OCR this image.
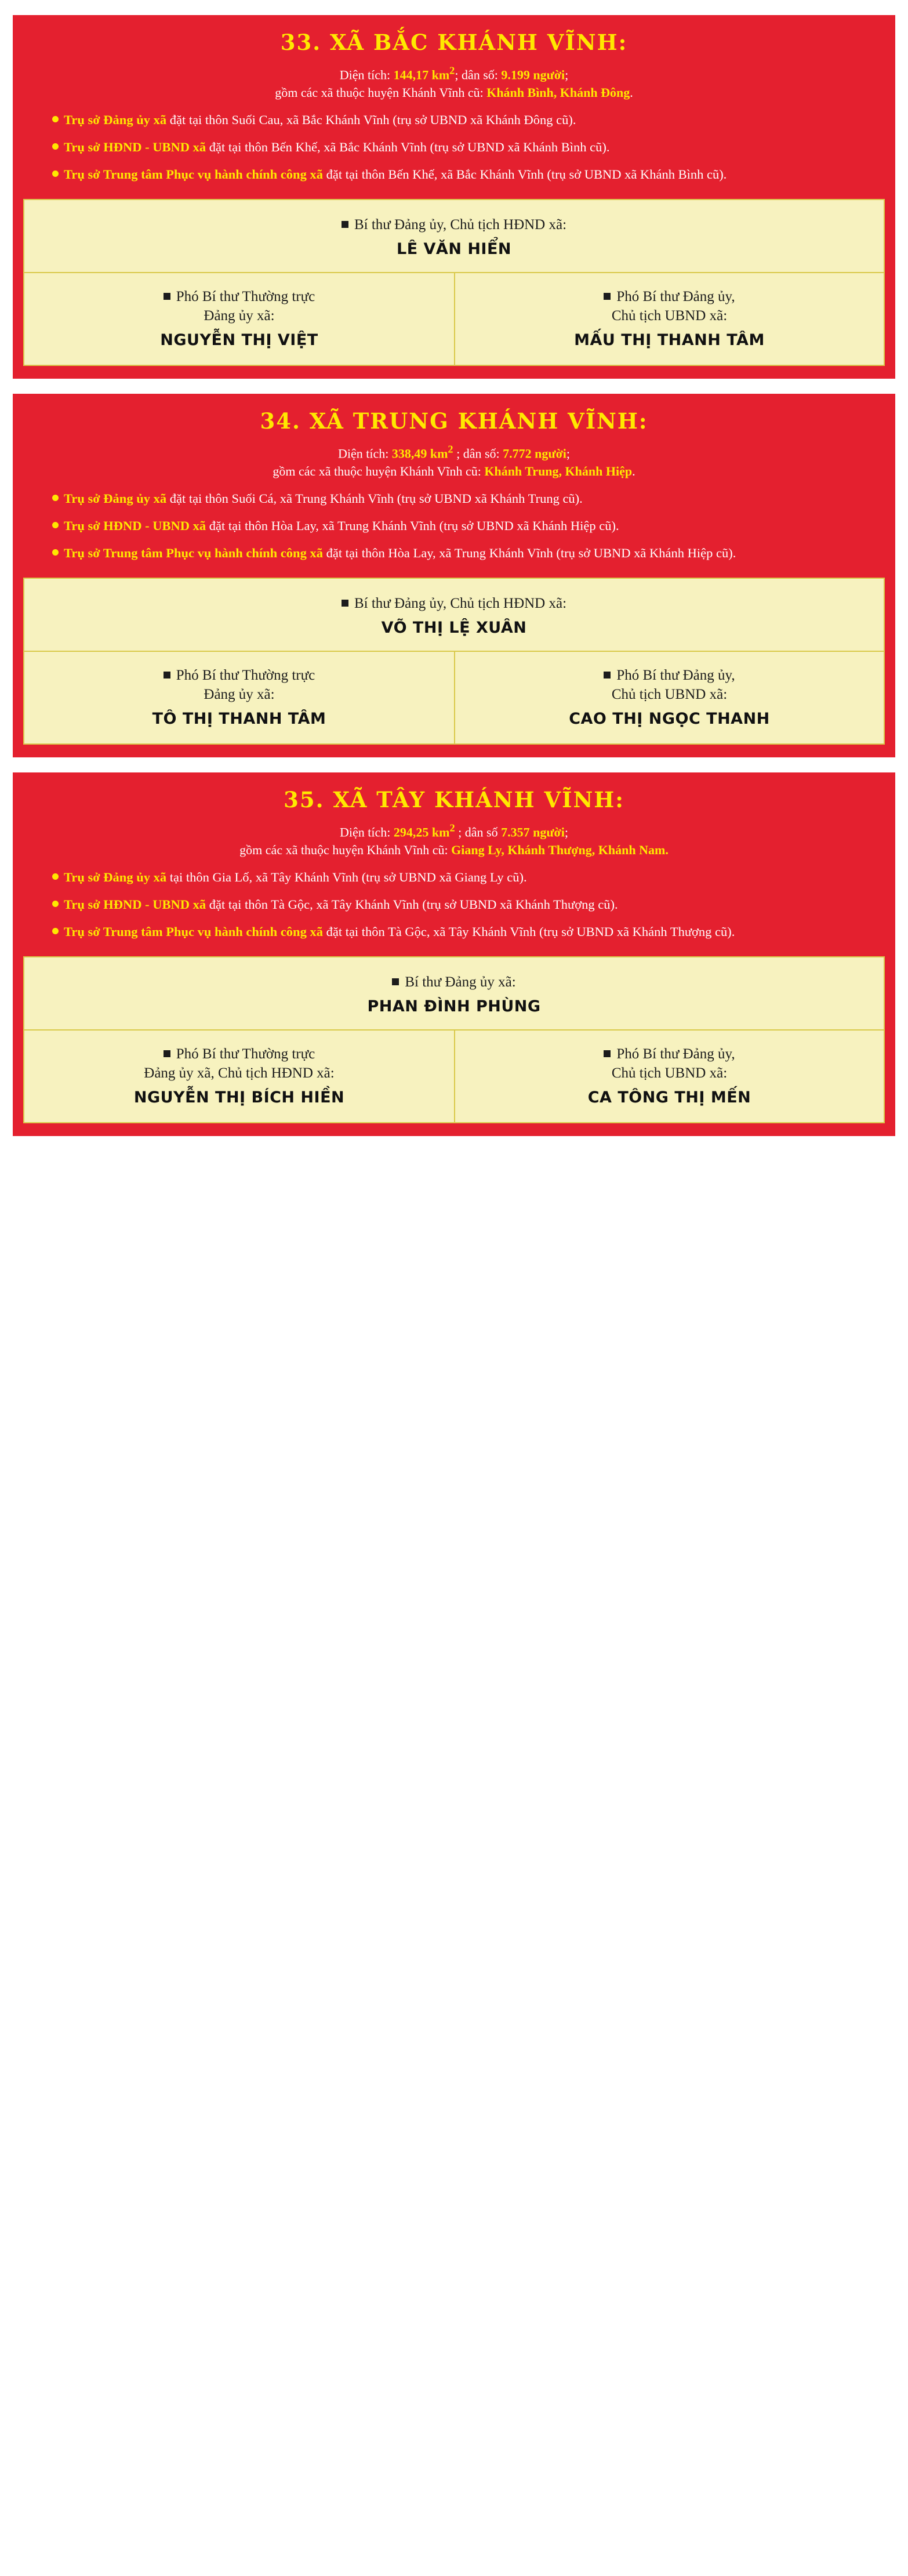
33. XÃ BẮC KHÁNH VĨNH:

Diện tích: 144,17 $km^2$; dân số: 9.199 người;
gồm các xã thuộc huyện Khánh Vĩnh cũ: Khánh Bình, Khánh Đông.

Trụ sở Đảng ủy xã đặt tại thôn Suối Cau, xã Bắc Khánh Vĩnh (trụ sở UBND xã Khánh Đông cũ).

Trụ sở HĐND - UBND xã đặt tại thôn Bến Khế, xã Bắc Khánh Vĩnh (trụ sở UBND xã Khánh Bình cũ).

Trụ sở Trung tâm Phục vụ hành chính công xã đặt tại thôn Bến Khế, xã Bắc Khánh Vĩnh (trụ sở UBND xã Khánh Bình cũ).

Bí thư Đảng ủy, Chủ tịch HĐND xã:

LÊ VĂN HIỂN

Phó Bí thư Thường trực
Đảng ủy xã:

NGUYỄN THỊ VIỆT

Phó Bí thư Đảng ủy,
Chủ tịch UBND xã:

MẤU THỊ THANH TÂM

34. XÃ TRUNG KHÁNH VĨNH:

Diện tích: 338,49 $km^2$ ; dân số: 7.772 người;
gồm các xã thuộc huyện Khánh Vĩnh cũ: Khánh Trung, Khánh Hiệp.

Trụ sở Đảng ủy xã đặt tại thôn Suối Cá, xã Trung Khánh Vĩnh (trụ sở UBND xã Khánh Trung cũ).

Trụ sở HĐND - UBND xã đặt tại thôn Hòa Lay, xã Trung Khánh Vĩnh (trụ sở UBND xã Khánh Hiệp cũ).

Trụ sở Trung tâm Phục vụ hành chính công xã đặt tại thôn Hòa Lay, xã Trung Khánh Vĩnh (trụ sở UBND xã Khánh Hiệp cũ).

Bí thư Đảng ủy, Chủ tịch HĐND xã:

VÕ THỊ LỆ XUÂN

Phó Bí thư Thường trực
Đảng ủy xã:

TÔ THỊ THANH TÂM

Phó Bí thư Đảng ủy,
Chủ tịch UBND xã:

CAO THỊ NGỌC THANH

35. XÃ TÂY KHÁNH VĨNH:

Diện tích: 294,25 $km^2$ ; dân số 7.357 người;
gồm các xã thuộc huyện Khánh Vĩnh cũ: Giang Ly, Khánh Thượng, Khánh Nam.

Trụ sở Đảng ủy xã tại thôn Gia Lố, xã Tây Khánh Vĩnh (trụ sở UBND xã Giang Ly cũ).

Trụ sở HĐND - UBND xã đặt tại thôn Tà Gộc, xã Tây Khánh Vĩnh (trụ sở UBND xã Khánh Thượng cũ).

Trụ sở Trung tâm Phục vụ hành chính công xã đặt tại thôn Tà Gộc, xã Tây Khánh Vĩnh (trụ sở UBND xã Khánh Thượng cũ).

Bí thư Đảng ủy xã:

PHAN ĐÌNH PHÙNG

Phó Bí thư Thường trực
Đảng ủy xã, Chủ tịch HĐND xã:

NGUYỄN THỊ BÍCH HIỀN

Phó Bí thư Đảng ủy,
Chủ tịch UBND xã:

CA TÔNG THỊ MẾN
